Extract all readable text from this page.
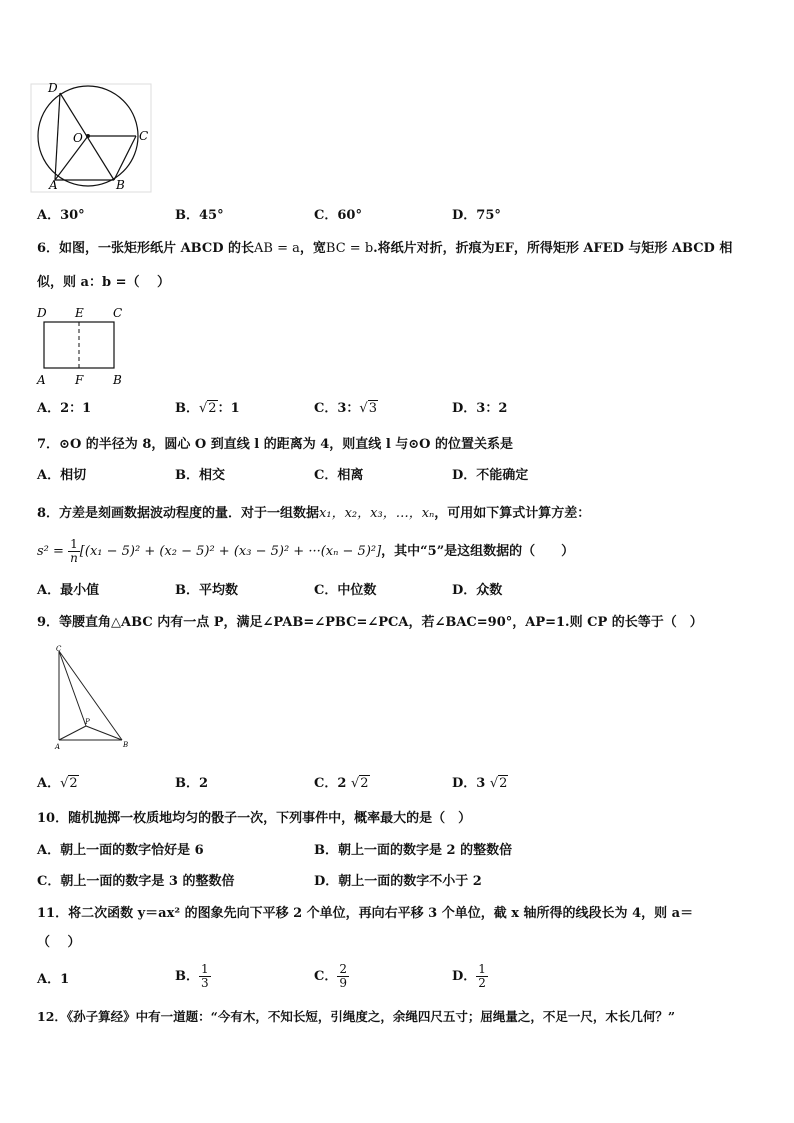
D
O	C
A	B
A．30°	B．45°	C．60°	D．75°
6．如图，一张矩形纸片 ABCD 的长AB = a，宽BC = b.将纸片对折，折痕为EF，所得矩形 AFED 与矩形 ABCD 相
似，则 a：b =（　 ）
D E C
A F B
A．2：1	B．√2：1	C．3：√3	D．3：2
7．⊙O 的半径为 8，圆心 O 到直线 l 的距离为 4，则直线 l 与⊙O 的位置关系是
A．相切	B．相交	C．相离	D．不能确定
8．方差是刻画数据波动程度的量．对于一组数据x₁，x₂，x₃，…，xₙ，可用如下算式计算方差：
$s^2 = \frac{1}{n} [(x_1 - 5)^2 + (x_2 - 5)^2 + (x_3 - 5)^2 + \cdot\cdot\cdot(x_n - 5)^2]$，其中“5”是这组数据的（　　）
A．最小值	B．平均数	C．中位数	D．众数
9．等腰直角△ABC 内有一点 P，满足∠PAB=∠PBC=∠PCA，若∠BAC=90°，AP=1.则 CP 的长等于（　）
C
P
A	B
A．√2	B．2	C．2 √2	D．3 √2
10．随机抛掷一枚质地均匀的骰子一次，下列事件中，概率最大的是（　）
A．朝上一面的数字恰好是 6	B．朝上一面的数字是 2 的整数倍
C．朝上一面的数字是 3 的整数倍	D．朝上一面的数字不小于 2
11．将二次函数 y＝ax² 的图象先向下平移 2 个单位，再向右平移 3 个单位，截 x 轴所得的线段长为 4，则 a＝
（　 ）
A．1	B． $\frac{1}{3}$	C． $\frac{2}{9}$	D． $\frac{1}{2}$
12．《孙子算经》中有一道题：“今有木，不知长短，引绳度之，余绳四尺五寸；屈绳量之，不足一尺，木长几何？”
